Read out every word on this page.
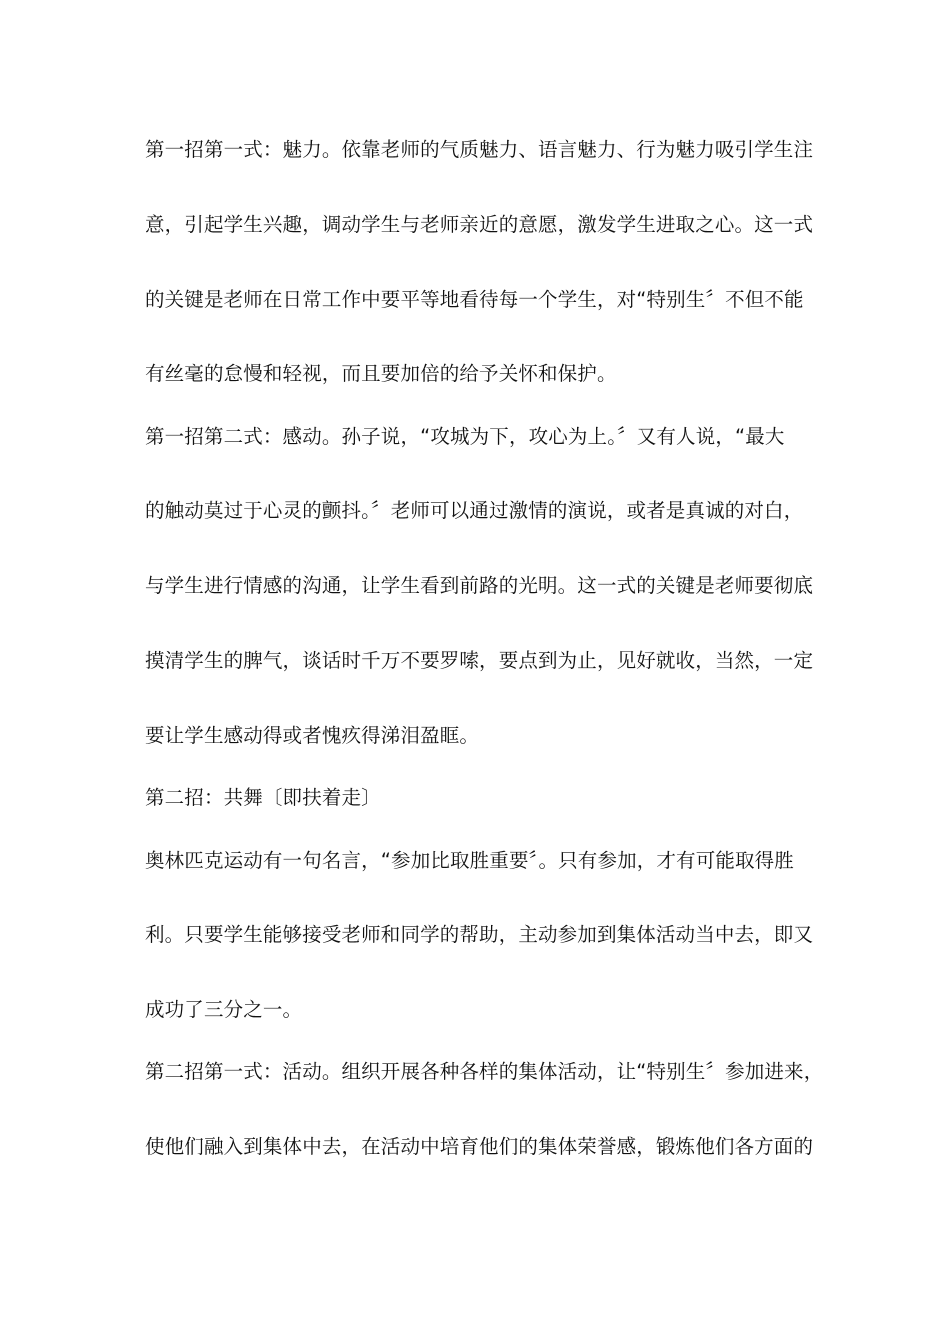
第一招第一式：魅力。依靠老师的气质魅力、语言魅力、行为魅力吸引学生注
意，引起学生兴趣，调动学生与老师亲近的意愿，激发学生进取之心。这一式
的关键是老师在日常工作中要平等地看待每一个学生，对“特别生〞不但不能
有丝毫的怠慢和轻视，而且要加倍的给予关怀和保护。
第一招第二式：感动。孙子说，“攻城为下，攻心为上。〞又有人说，“最大
的触动莫过于心灵的颤抖。〞老师可以通过激情的演说，或者是真诚的对白，
与学生进行情感的沟通，让学生看到前路的光明。这一式的关键是老师要彻底
摸清学生的脾气，谈话时千万不要罗嗦，要点到为止，见好就收，当然，一定
要让学生感动得或者愧疚得涕泪盈眶。
第二招：共舞〔即扶着走〕
奥林匹克运动有一句名言，“参加比取胜重要〞。只有参加，才有可能取得胜
利。只要学生能够接受老师和同学的帮助，主动参加到集体活动当中去，即又
成功了三分之一。
第二招第一式：活动。组织开展各种各样的集体活动，让“特别生〞参加进来，
使他们融入到集体中去，在活动中培育他们的集体荣誉感，锻炼他们各方面的
